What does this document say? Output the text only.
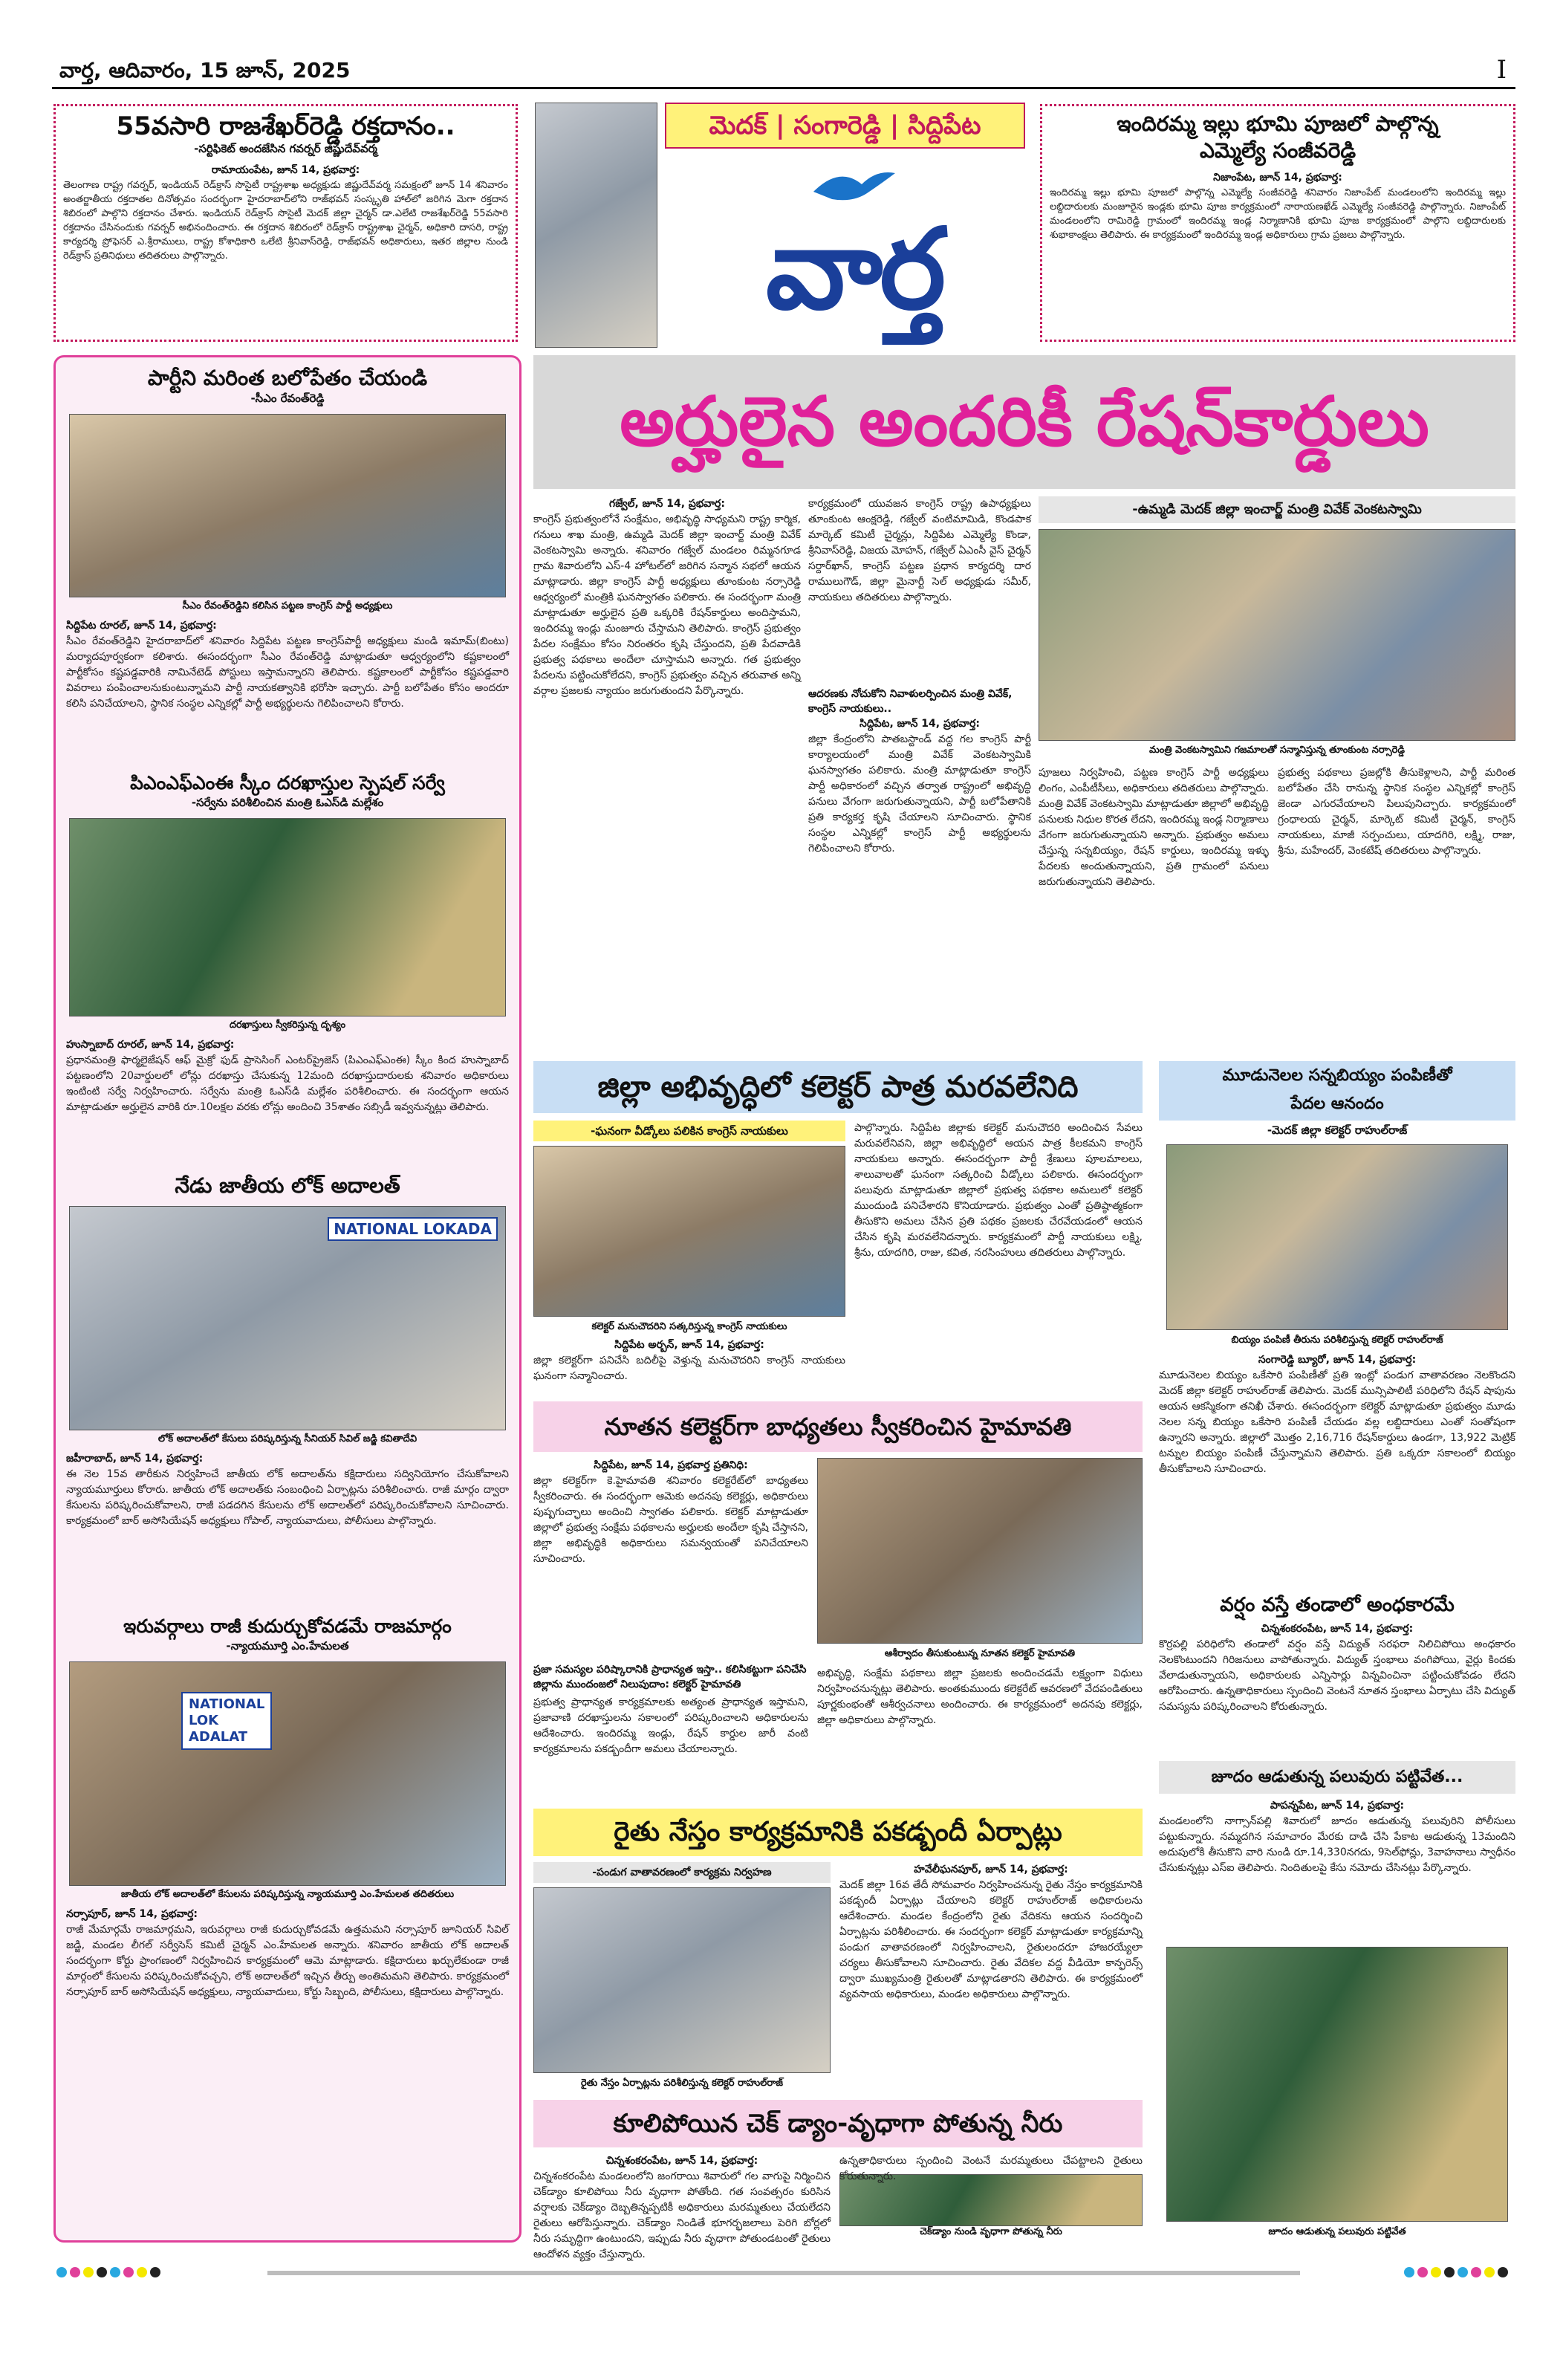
వార్త, ఆదివారం, 15 జూన్, 2025	I
55వసారి రాజశేఖర్‌రెడ్డి రక్తదానం..
-సర్టిఫికెట్ అందజేసిన గవర్నర్ జిష్ణుదేవ్‌వర్మ
రామాయంపేట, జూన్ 14, ప్రభవార్త:
తెలంగాణ రాష్ట్ర గవర్నర్, ఇండియన్ రెడ్‌క్రాస్ సొసైటీ రాష్ట్రశాఖ అధ్యక్షుడు జిష్ణుదేవ్‌వర్మ సమక్షంలో జూన్ 14 శనివారం అంతర్జాతీయ రక్తదాతల దినోత్సవం సందర్భంగా హైదరాబాద్‌లోని రాజ్‌భవన్ సంస్కృతి హాల్‌లో జరిగిన మెగా రక్తదాన శిబిరంలో పాల్గొని రక్తదానం చేశారు. ఇండియన్ రెడ్‌క్రాస్ సొసైటీ మెదక్ జిల్లా చైర్మన్ డా.ఎలేటి రాజశేఖర్‌రెడ్డి 55వసారి రక్తదానం చేసినందుకు గవర్నర్ అభినందించారు. ఈ రక్తదాన శిబిరంలో రెడ్‌క్రాస్ రాష్ట్రశాఖ చైర్మన్, అధికారి దాసరి, రాష్ట్ర కార్యదర్శి ప్రోఫెసర్ ఎ.శ్రీరాములు, రాష్ట్ర కోశాధికారి ఒలేటి శ్రీనివాస్‌రెడ్డి, రాజ్‌భవన్ అధికారులు, ఇతర జిల్లాల నుండి రెడ్‌క్రాస్ ప్రతినిధులు తదితరులు పాల్గొన్నారు.
మెదక్ | సంగారెడ్డి | సిద్దిపేట
వార్త
ఇందిరమ్మ ఇల్లు భూమి పూజలో పాల్గొన్న
ఎమ్మెల్యే సంజీవరెడ్డి
నిజాంపేట, జూన్ 14, ప్రభవార్త:
ఇందిరమ్మ ఇల్లు భూమి పూజలో పాల్గొన్న ఎమ్మెల్యే సంజీవరెడ్డి శనివారం నిజాంపేట్ మండలంలోని ఇందిరమ్మ ఇల్లు లబ్దిదారులకు మంజూరైన ఇండ్లకు భూమి పూజ కార్యక్రమంలో నారాయణఖేడ్ ఎమ్మెల్యే సంజీవరెడ్డి పాల్గొన్నారు. నిజాంపేట్ మండలంలోని రామిరెడ్డి గ్రామంలో ఇందిరమ్మ ఇండ్ల నిర్మాణానికి భూమి పూజ కార్యక్రమంలో పాల్గొని లబ్దిదారులకు శుభాకాంక్షలు తెలిపారు. ఈ కార్యక్రమంలో ఇందిరమ్మ ఇండ్ల అధికారులు గ్రామ ప్రజలు పాల్గొన్నారు.
పార్టీని మరింత బలోపేతం చేయండి
-సీఎం రేవంత్‌రెడ్డి
సీఎం రేవంత్‌రెడ్డిని కలిసిన పట్టణ కాంగ్రెస్ పార్టీ అధ్యక్షులు
సిద్దిపేట రూరల్, జూన్ 14, ప్రభవార్త:
సీఎం రేవంత్‌రెడ్డిని హైదరాబాద్‌లో శనివారం సిద్దిపేట పట్టణ కాంగ్రెస్‌పార్టీ అధ్యక్షులు మండి ఇమామ్(బింటు) మర్యాదపూర్వకంగా కలిశారు. ఈసందర్భంగా సీఎం రేవంత్‌రెడ్డి మాట్లాడుతూ ఆధ్వర్యంలోని కష్టకాలంలో పార్టీకోసం కష్టపడ్డవారికి నామినేటెడ్ పోస్టులు ఇస్తామన్నారని తెలిపారు. కష్టకాలంలో పార్టీకోసం కష్టపడ్డవారి వివరాలు పంపించాలనుకుంటున్నామని పార్టీ నాయకత్వానికి భరోసా ఇచ్చారు. పార్టీ బలోపేతం కోసం అందరూ కలిసి పనిచేయాలని, స్థానిక సంస్థల ఎన్నికల్లో పార్టీ అభ్యర్థులను గెలిపించాలని కోరారు.
పిఎంఎఫ్‌ఎంఈ స్కీం దరఖాస్తుల స్పెషల్ సర్వే
-సర్వేను పరిశీలించిన మంత్రి ఓఎస్‌డి మల్లేశం
దరఖాస్తులు స్వీకరిస్తున్న దృశ్యం
హుస్నాబాద్ రూరల్, జూన్ 14, ప్రభవార్త:
ప్రధానమంత్రి ఫార్మలైజేషన్ ఆఫ్ మైక్రో ఫుడ్ ప్రాసెసింగ్ ఎంటర్‌ప్రైజెస్ (పిఎంఎఫ్‌ఎంఈ) స్కీం కింద హుస్నాబాద్ పట్టణంలోని 20వార్డులలో లోన్లు దరఖాస్తు చేసుకున్న 12మంది దరఖాస్తుదారులకు శనివారం అధికారులు ఇంటింటి సర్వే నిర్వహించారు. సర్వేను మంత్రి ఓఎస్‌డి మల్లేశం పరిశీలించారు. ఈ సందర్భంగా ఆయన మాట్లాడుతూ అర్హులైన వారికి రూ.10లక్షల వరకు లోన్లు అందించి 35శాతం సబ్సిడీ ఇవ్వనున్నట్లు తెలిపారు.
నేడు జాతీయ లోక్ అదాలత్
NATIONAL LOKADA
లోక్ అదాలత్‌లో కేసులు పరిష్కరిస్తున్న సీనియర్ సివిల్ జడ్జి కవితాదేవి
జహీరాబాద్, జూన్ 14, ప్రభవార్త:
ఈ నెల 15వ తారీకున నిర్వహించే జాతీయ లోక్ అదాలత్‌ను కక్షిదారులు సద్వినియోగం చేసుకోవాలని న్యాయమూర్తులు కోరారు. జాతీయ లోక్ అదాలత్‌కు సంబంధించి ఏర్పాట్లను పరిశీలించారు. రాజీ మార్గం ద్వారా కేసులను పరిష్కరించుకోవాలని, రాజీ పడదగిన కేసులను లోక్ అదాలత్‌లో పరిష్కరించుకోవాలని సూచించారు. కార్యక్రమంలో బార్ అసోసియేషన్ అధ్యక్షులు గోపాల్, న్యాయవాదులు, పోలీసులు పాల్గొన్నారు.
ఇరువర్గాలు రాజీ కుదుర్చుకోవడమే రాజమార్గం
-న్యాయమూర్తి ఎం.హేమలత
NATIONAL
LOK
ADALAT
జాతీయ లోక్ అదాలత్‌లో కేసులను పరిష్కరిస్తున్న న్యాయమూర్తి ఎం.హేమలత తదితరులు
నర్సాపూర్, జూన్ 14, ప్రభవార్త:
రాజీ మేమార్గమే రాజమార్గమని, ఇరువర్గాలు రాజీ కుదుర్చుకోవడమే ఉత్తమమని నర్సాపూర్ జూనియర్ సివిల్ జడ్జి, మండల లీగల్ సర్వీసెస్ కమిటీ చైర్మన్ ఎం.హేమలత అన్నారు. శనివారం జాతీయ లోక్ అదాలత్ సందర్భంగా కోర్టు ప్రాంగణంలో నిర్వహించిన కార్యక్రమంలో ఆమె మాట్లాడారు. కక్షిదారులు ఖర్చులేకుండా రాజీ మార్గంలో కేసులను పరిష్కరించుకోవచ్చని, లోక్ అదాలత్‌లో ఇచ్చిన తీర్పు అంతిమమని తెలిపారు. కార్యక్రమంలో నర్సాపూర్ బార్ అసోసియేషన్ అధ్యక్షులు, న్యాయవాదులు, కోర్టు సిబ్బంది, పోలీసులు, కక్షిదారులు పాల్గొన్నారు.
అర్హులైన అందరికీ రేషన్‌కార్డులు
గజ్వేల్, జూన్ 14, ప్రభవార్త:
కాంగ్రెస్ ప్రభుత్వంలోనే సంక్షేమం, అభివృద్ధి సాధ్యమని రాష్ట్ర కార్మిక, గనులు శాఖ మంత్రి, ఉమ్మడి మెదక్ జిల్లా ఇంచార్జ్ మంత్రి వివేక్ వెంకటస్వామి అన్నారు. శనివారం గజ్వేల్ మండలం రిమ్మనగూడ గ్రామ శివారులోని ఎస్-4 హోటల్‌లో జరిగిన సన్మాన సభలో ఆయన మాట్లాడారు. జిల్లా కాంగ్రెస్ పార్టీ అధ్యక్షులు తూంకుంట నర్సారెడ్డి ఆధ్వర్యంలో మంత్రికి ఘనస్వాగతం పలికారు. ఈ సందర్భంగా మంత్రి మాట్లాడుతూ అర్హులైన ప్రతి ఒక్కరికి రేషన్‌కార్డులు అందిస్తామని, ఇందిరమ్మ ఇండ్లు మంజూరు చేస్తామని తెలిపారు. కాంగ్రెస్ ప్రభుత్వం పేదల సంక్షేమం కోసం నిరంతరం కృషి చేస్తుందని, ప్రతి పేదవాడికి ప్రభుత్వ పథకాలు అందేలా చూస్తామని అన్నారు. గత ప్రభుత్వం పేదలను పట్టించుకోలేదని, కాంగ్రెస్ ప్రభుత్వం వచ్చిన తరువాత అన్ని వర్గాల ప్రజలకు న్యాయం జరుగుతుందని పేర్కొన్నారు.
కార్యక్రమంలో యువజన కాంగ్రెస్ రాష్ట్ర ఉపాధ్యక్షులు తూంకుంట ఆంక్షరెడ్డి, గజ్వేల్ వంటిమామిడి, కొండపాక మార్కెట్ కమిటీ చైర్మన్లు, సిద్దిపేట ఎమ్మెల్యే కొండా, శ్రీనివాస్‌రెడ్డి, విజయ మోహన్, గజ్వేల్ ఏఎంసీ వైస్ చైర్మన్ సర్దార్‌ఖాన్, కాంగ్రెస్ పట్టణ ప్రధాన కార్యదర్శి దార రాములుగౌడ్, జిల్లా మైనార్టీ సెల్ అధ్యక్షుడు సమీర్, నాయకులు తదితరులు పాల్గొన్నారు.
ఆదరణకు నోచుకోని నివాళులర్పించిన మంత్రి వివేక్, కాంగ్రెస్ నాయకులు..
సిద్దిపేట, జూన్ 14, ప్రభవార్త:
జిల్లా కేంద్రంలోని పాతబస్టాండ్ వద్ద గల కాంగ్రెస్ పార్టీ కార్యాలయంలో మంత్రి వివేక్ వెంకటస్వామికి ఘనస్వాగతం పలికారు. మంత్రి మాట్లాడుతూ కాంగ్రెస్ పార్టీ అధికారంలో వచ్చిన తర్వాత రాష్ట్రంలో అభివృద్ధి పనులు వేగంగా జరుగుతున్నాయని, పార్టీ బలోపేతానికి ప్రతి కార్యకర్త కృషి చేయాలని సూచించారు. స్థానిక సంస్థల ఎన్నికల్లో కాంగ్రెస్ పార్టీ అభ్యర్థులను గెలిపించాలని కోరారు.
-ఉమ్మడి మెదక్ జిల్లా ఇంచార్జ్ మంత్రి వివేక్ వెంకటస్వామి
మంత్రి వెంకటస్వామిని గజమాలతో సన్మానిస్తున్న తూంకుంట నర్సారెడ్డి
పూజలు నిర్వహించి, పట్టణ కాంగ్రెస్ పార్టీ అధ్యక్షులు లింగం, ఎంపీటీసీలు, అధికారులు తదితరులు పాల్గొన్నారు. మంత్రి వివేక్ వెంకటస్వామి మాట్లాడుతూ జిల్లాలో అభివృద్ధి పనులకు నిధుల కొరత లేదని, ఇందిరమ్మ ఇండ్ల నిర్మాణాలు వేగంగా జరుగుతున్నాయని అన్నారు. ప్రభుత్వం అమలు చేస్తున్న సన్నబియ్యం, రేషన్ కార్డులు, ఇందిరమ్మ ఇళ్ళు పేదలకు అందుతున్నాయని, ప్రతి గ్రామంలో పనులు జరుగుతున్నాయని తెలిపారు.
ప్రభుత్వ పథకాలు ప్రజల్లోకి తీసుకెళ్లాలని, పార్టీ మరింత బలోపేతం చేసి రానున్న స్థానిక సంస్థల ఎన్నికల్లో కాంగ్రెస్ జెండా ఎగురవేయాలని పిలుపునిచ్చారు. కార్యక్రమంలో గ్రంధాలయ చైర్మన్, మార్కెట్ కమిటీ చైర్మన్, కాంగ్రెస్ నాయకులు, మాజీ సర్పంచులు, యాదగిరి, లక్ష్మి, రాజు, శ్రీను, మహేందర్, వెంకటేష్ తదితరులు పాల్గొన్నారు.
జిల్లా అభివృద్ధిలో కలెక్టర్ పాత్ర మరవలేనిది
-ఘనంగా వీడ్కోలు పలికిన కాంగ్రెస్ నాయకులు
కలెక్టర్ మనుచౌదరిని సత్కరిస్తున్న కాంగ్రెస్ నాయకులు
సిద్దిపేట అర్బన్, జూన్ 14, ప్రభవార్త:
జిల్లా కలెక్టర్‌గా పనిచేసి బదిలీపై వెళ్తున్న మనుచౌదరిని కాంగ్రెస్ నాయకులు ఘనంగా సన్మానించారు.
పాల్గొన్నారు. సిద్దిపేట జిల్లాకు కలెక్టర్ మనుచౌదరి అందించిన సేవలు మరువలేనివని, జిల్లా అభివృద్ధిలో ఆయన పాత్ర కీలకమని కాంగ్రెస్ నాయకులు అన్నారు. ఈసందర్భంగా పార్టీ శ్రేణులు పూలమాలలు, శాలువాలతో ఘనంగా సత్కరించి వీడ్కోలు పలికారు. ఈసందర్భంగా పలువురు మాట్లాడుతూ జిల్లాలో ప్రభుత్వ పథకాల అమలులో కలెక్టర్ ముందుండి పనిచేశారని కొనియాడారు. ప్రభుత్వం ఎంతో ప్రతిష్ఠాత్మకంగా తీసుకొని అమలు చేసిన ప్రతి పథకం ప్రజలకు చేరవేయడంలో ఆయన చేసిన కృషి మరవలేనిదన్నారు. కార్యక్రమంలో పార్టీ నాయకులు లక్ష్మి, శ్రీను, యాదగిరి, రాజు, కవిత, నరసింహులు తదితరులు పాల్గొన్నారు.
నూతన కలెక్టర్‌గా బాధ్యతలు స్వీకరించిన హైమావతి
సిద్దిపేట, జూన్ 14, ప్రభవార్త ప్రతినిధి:
జిల్లా కలెక్టర్‌గా కె.హైమావతి శనివారం కలెక్టరేట్‌లో బాధ్యతలు స్వీకరించారు. ఈ సందర్భంగా ఆమెకు అదనపు కలెక్టర్లు, అధికారులు పుష్పగుచ్ఛాలు అందించి స్వాగతం పలికారు. కలెక్టర్ మాట్లాడుతూ జిల్లాలో ప్రభుత్వ సంక్షేమ పథకాలను అర్హులకు అందేలా కృషి చేస్తానని, జిల్లా అభివృద్ధికి అధికారులు సమన్వయంతో పనిచేయాలని సూచించారు.
ప్రజా సమస్యల పరిష్కారానికి ప్రాధాన్యత ఇస్తా.. కలిసికట్టుగా పనిచేసి జిల్లాను ముందంజలో నిలుపుదాం: కలెక్టర్ హైమావతి
ప్రభుత్వ ప్రాధాన్యత కార్యక్రమాలకు అత్యంత ప్రాధాన్యత ఇస్తామని, ప్రజావాణి దరఖాస్తులను సకాలంలో పరిష్కరించాలని అధికారులను ఆదేశించారు. ఇందిరమ్మ ఇండ్లు, రేషన్ కార్డుల జారీ వంటి కార్యక్రమాలను పకడ్బందీగా అమలు చేయాలన్నారు.
ఆశీర్వాదం తీసుకుంటున్న నూతన కలెక్టర్ హైమావతి
అభివృద్ధి, సంక్షేమ పథకాలు జిల్లా ప్రజలకు అందించడమే లక్ష్యంగా విధులు నిర్వహించనున్నట్లు తెలిపారు. అంతకుముందు కలెక్టరేట్ ఆవరణలో వేదపండితులు పూర్ణకుంభంతో ఆశీర్వచనాలు అందించారు. ఈ కార్యక్రమంలో అదనపు కలెక్టర్లు, జిల్లా అధికారులు పాల్గొన్నారు.
రైతు నేస్తం కార్యక్రమానికి పకడ్బందీ ఏర్పాట్లు
-పండుగ వాతావరణంలో కార్యక్రమ నిర్వహణ
రైతు నేస్తం ఏర్పాట్లను పరిశీలిస్తున్న కలెక్టర్ రాహుల్‌రాజ్
హవేలీఘనపూర్, జూన్ 14, ప్రభవార్త:
మెదక్ జిల్లా 16వ తేదీ సోమవారం నిర్వహించనున్న రైతు నేస్తం కార్యక్రమానికి పకడ్బందీ ఏర్పాట్లు చేయాలని కలెక్టర్ రాహుల్‌రాజ్ అధికారులను ఆదేశించారు. మండల కేంద్రంలోని రైతు వేదికను ఆయన సందర్శించి ఏర్పాట్లను పరిశీలించారు. ఈ సందర్భంగా కలెక్టర్ మాట్లాడుతూ కార్యక్రమాన్ని పండుగ వాతావరణంలో నిర్వహించాలని, రైతులందరూ హాజరయ్యేలా చర్యలు తీసుకోవాలని సూచించారు. రైతు వేదికల వద్ద వీడియో కాన్ఫరెన్స్ ద్వారా ముఖ్యమంత్రి రైతులతో మాట్లాడతారని తెలిపారు. ఈ కార్యక్రమంలో వ్యవసాయ అధికారులు, మండల అధికారులు పాల్గొన్నారు.
కూలిపోయిన చెక్ డ్యాం-వృధాగా పోతున్న నీరు
చిన్నశంకరంపేట, జూన్ 14, ప్రభవార్త:
చిన్నశంకరంపేట మండలంలోని జంగరాయి శివారులో గల వాగుపై నిర్మించిన చెక్‌డ్యాం కూలిపోయి నీరు వృధాగా పోతోంది. గత సంవత్సరం కురిసిన వర్షాలకు చెక్‌డ్యాం దెబ్బతిన్నప్పటికీ అధికారులు మరమ్మతులు చేయలేదని రైతులు ఆరోపిస్తున్నారు. చెక్‌డ్యాం నిండితే భూగర్భజలాలు పెరిగి బోర్లలో నీరు సమృద్ధిగా ఉంటుందని, ఇప్పుడు నీరు వృధాగా పోతుండటంతో రైతులు ఆందోళన వ్యక్తం చేస్తున్నారు.
ఉన్నతాధికారులు స్పందించి వెంటనే మరమ్మతులు చేపట్టాలని రైతులు కోరుతున్నారు.
చెక్‌డ్యాం నుండి వృధాగా పోతున్న నీరు
మూడునెలల సన్నబియ్యం పంపిణీతో
పేదల ఆనందం
-మెదక్ జిల్లా కలెక్టర్ రాహుల్‌రాజ్
బియ్యం పంపిణీ తీరును పరిశీలిస్తున్న కలెక్టర్ రాహుల్‌రాజ్
సంగారెడ్డి బ్యూరో, జూన్ 14, ప్రభవార్త:
మూడునెలల బియ్యం ఒకేసారి పంపిణీతో ప్రతి ఇంట్లో పండుగ వాతావరణం నెలకొందని మెదక్ జిల్లా కలెక్టర్ రాహుల్‌రాజ్ తెలిపారు. మెదక్ మున్సిపాలిటీ పరిధిలోని రేషన్ షాపును ఆయన ఆకస్మికంగా తనిఖీ చేశారు. ఈసందర్భంగా కలెక్టర్ మాట్లాడుతూ ప్రభుత్వం మూడు నెలల సన్న బియ్యం ఒకేసారి పంపిణీ చేయడం వల్ల లబ్దిదారులు ఎంతో సంతోషంగా ఉన్నారని అన్నారు. జిల్లాలో మొత్తం 2,16,716 రేషన్‌కార్డులు ఉండగా, 13,922 మెట్రిక్ టన్నుల బియ్యం పంపిణీ చేస్తున్నామని తెలిపారు. ప్రతి ఒక్కరూ సకాలంలో బియ్యం తీసుకోవాలని సూచించారు.
వర్షం వస్తే తండాలో అంధకారమే
చిన్నశంకరంపేట, జూన్ 14, ప్రభవార్త:
కొర్రపల్లి పరిధిలోని తండాలో వర్షం వస్తే విద్యుత్ సరఫరా నిలిచిపోయి అంధకారం నెలకొంటుందని గిరిజనులు వాపోతున్నారు. విద్యుత్ స్తంభాలు వంగిపోయి, వైర్లు కిందకు వేలాడుతున్నాయని, అధికారులకు ఎన్నిసార్లు విన్నవించినా పట్టించుకోవడం లేదని ఆరోపించారు. ఉన్నతాధికారులు స్పందించి వెంటనే నూతన స్తంభాలు ఏర్పాటు చేసి విద్యుత్ సమస్యను పరిష్కరించాలని కోరుతున్నారు.
జూదం ఆడుతున్న పలువురు పట్టివేత...
పాపన్నపేట, జూన్ 14, ప్రభవార్త:
మండలంలోని నాగ్సాన్‌పల్లి శివారులో జూదం ఆడుతున్న పలువురిని పోలీసులు పట్టుకున్నారు. నమ్మదగిన సమాచారం మేరకు దాడి చేసి పేకాట ఆడుతున్న 13మందిని అదుపులోకి తీసుకొని వారి నుండి రూ.14,330నగదు, 9సెల్‌ఫోన్లు, 3వాహనాలు స్వాధీనం చేసుకున్నట్లు ఎస్‌ఐ తెలిపారు. నిందితులపై కేసు నమోదు చేసినట్లు పేర్కొన్నారు.
జూదం ఆడుతున్న పలువురు పట్టివేత
